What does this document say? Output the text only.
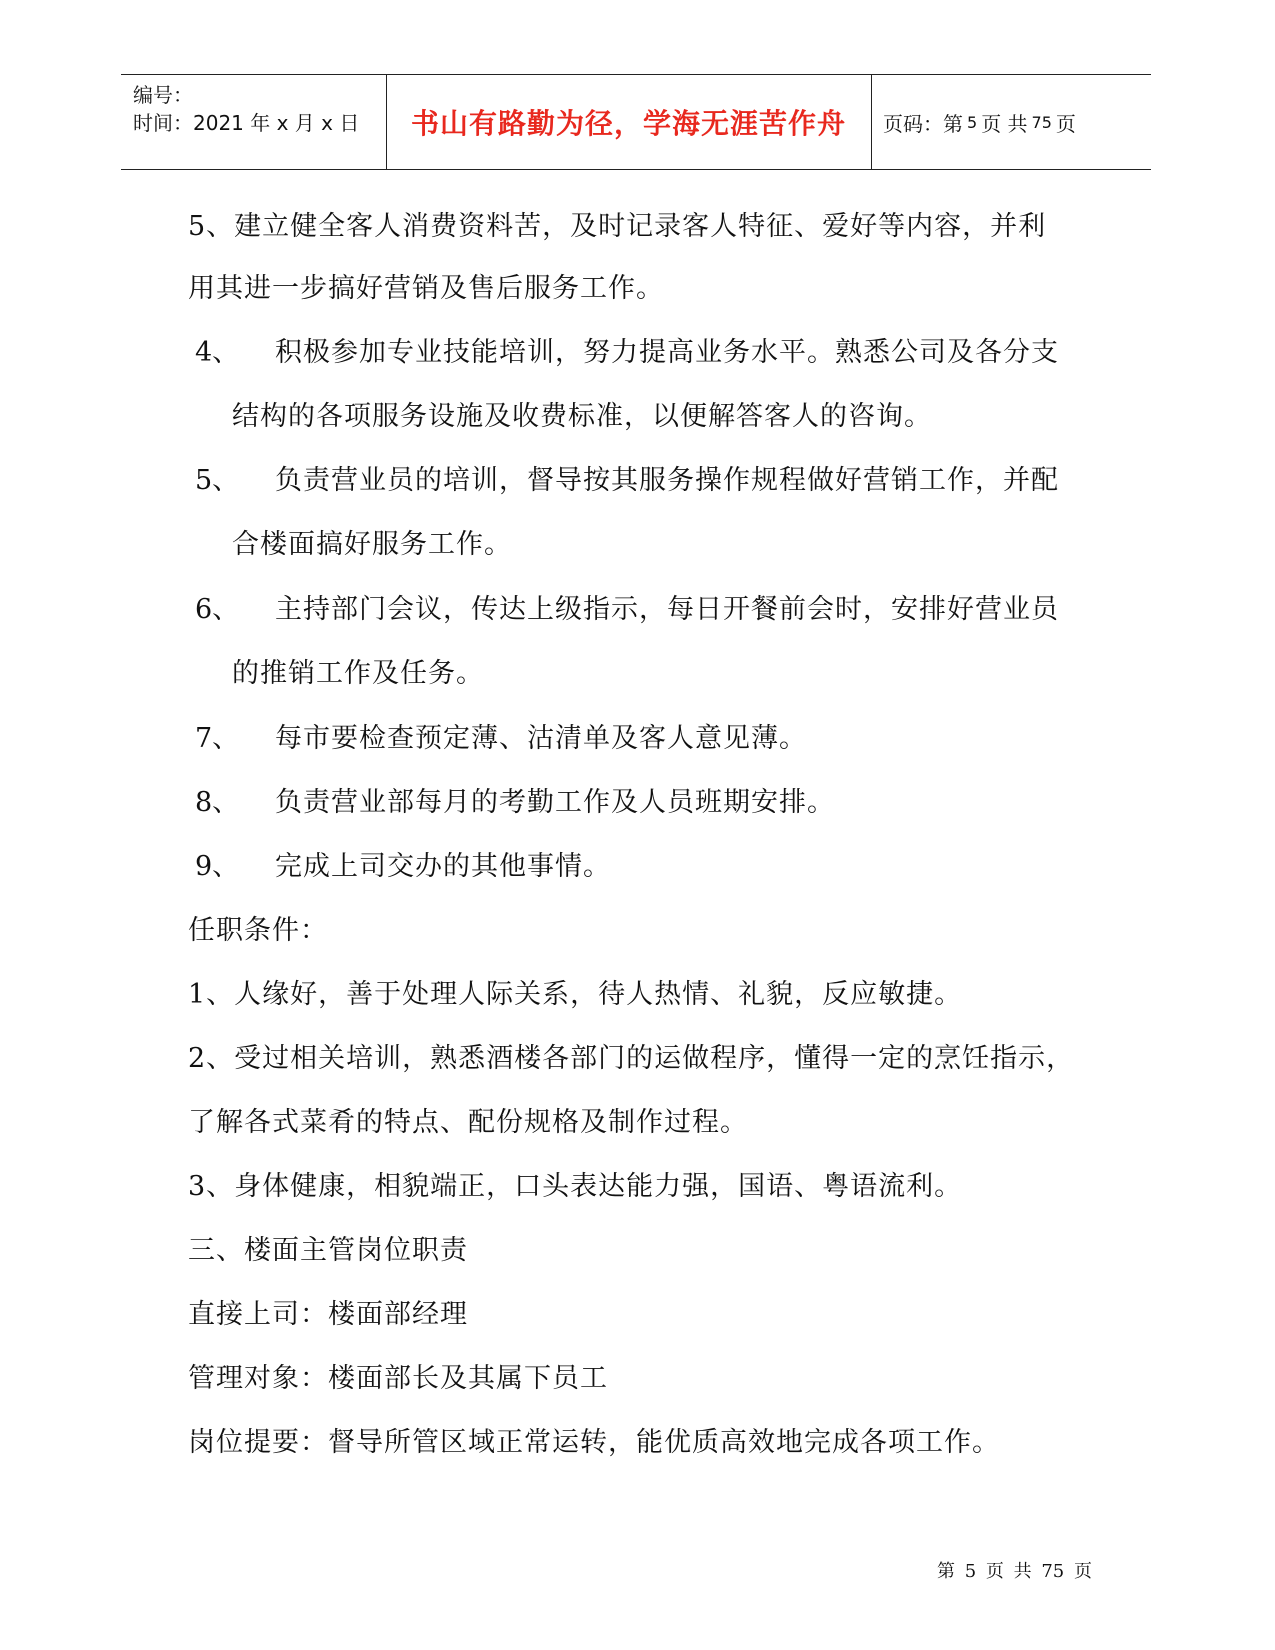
编号：
时间：2021 年 x 月 x 日 书山有路勤为径，学海无涯苦作舟 页码：第 5 页 共 75 页
5、建立健全客人消费资料苦，及时记录客人特征、爱好等内容，并利
用其进一步搞好营销及售后服务工作。
4、 积极参加专业技能培训，努力提高业务水平。熟悉公司及各分支
结构的各项服务设施及收费标准，以便解答客人的咨询。
5、 负责营业员的培训，督导按其服务操作规程做好营销工作，并配
合楼面搞好服务工作。
6、 主持部门会议，传达上级指示，每日开餐前会时，安排好营业员
的推销工作及任务。
7、 每市要检查预定薄、沽清单及客人意见薄。
8、 负责营业部每月的考勤工作及人员班期安排。
9、 完成上司交办的其他事情。
任职条件：
1、人缘好，善于处理人际关系，待人热情、礼貌，反应敏捷。
2、受过相关培训，熟悉酒楼各部门的运做程序，懂得一定的烹饪指示，
了解各式菜肴的特点、配份规格及制作过程。
3、身体健康，相貌端正，口头表达能力强，国语、粤语流利。
三、楼面主管岗位职责
直接上司：楼面部经理
管理对象：楼面部长及其属下员工
岗位提要：督导所管区域正常运转，能优质高效地完成各项工作。
第 5 页 共 75 页
